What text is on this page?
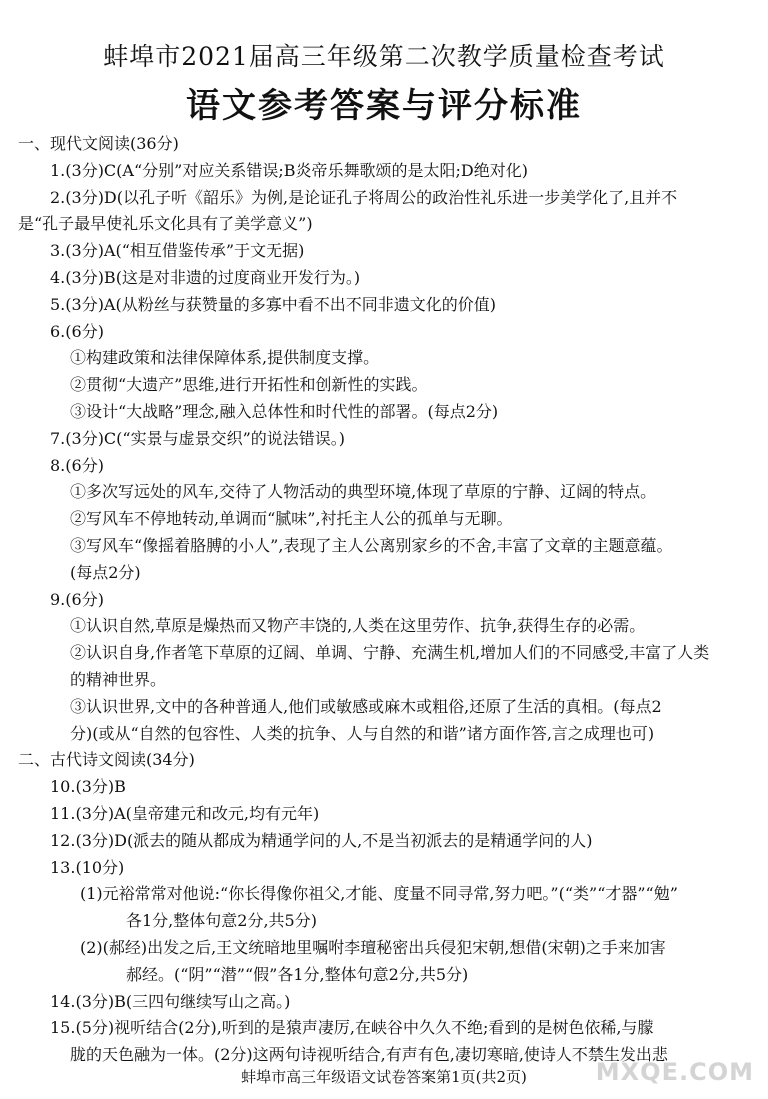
蚌埠市2021届高三年级第二次教学质量检查考试
语文参考答案与评分标准
一、现代文阅读(36分)
1.(3分)C(A“分别”对应关系错误;B炎帝乐舞歌颂的是太阳;D绝对化)
2.(3分)D(以孔子听《韶乐》为例,是论证孔子将周公的政治性礼乐进一步美学化了,且并不
是“孔子最早使礼乐文化具有了美学意义”)
3.(3分)A(“相互借鉴传承”于文无据)
4.(3分)B(这是对非遗的过度商业开发行为。)
5.(3分)A(从粉丝与获赞量的多寡中看不出不同非遗文化的价值)
6.(6分)
①构建政策和法律保障体系,提供制度支撑。
②贯彻“大遗产”思维,进行开拓性和创新性的实践。
③设计“大战略”理念,融入总体性和时代性的部署。(每点2分)
7.(3分)C(“实景与虚景交织”的说法错误。)
8.(6分)
①多次写远处的风车,交待了人物活动的典型环境,体现了草原的宁静、辽阔的特点。
②写风车不停地转动,单调而“腻味”,衬托主人公的孤单与无聊。
③写风车“像摇着胳膊的小人”,表现了主人公离别家乡的不舍,丰富了文章的主题意蕴。
(每点2分)
9.(6分)
①认识自然,草原是燥热而又物产丰饶的,人类在这里劳作、抗争,获得生存的必需。
②认识自身,作者笔下草原的辽阔、单调、宁静、充满生机,增加人们的不同感受,丰富了人类
的精神世界。
③认识世界,文中的各种普通人,他们或敏感或麻木或粗俗,还原了生活的真相。(每点2
分)(或从“自然的包容性、人类的抗争、人与自然的和谐”诸方面作答,言之成理也可)
二、古代诗文阅读(34分)
10.(3分)B
11.(3分)A(皇帝建元和改元,均有元年)
12.(3分)D(派去的随从都成为精通学问的人,不是当初派去的是精通学问的人)
13.(10分)
(1)元裕常常对他说:“你长得像你祖父,才能、度量不同寻常,努力吧。”(“类”“才器”“勉”
各1分,整体句意2分,共5分)
(2)(郝经)出发之后,王文统暗地里嘱咐李璮秘密出兵侵犯宋朝,想借(宋朝)之手来加害
郝经。(“阴”“潜”“假”各1分,整体句意2分,共5分)
14.(3分)B(三四句继续写山之高。)
15.(5分)视听结合(2分),听到的是猿声凄厉,在峡谷中久久不绝;看到的是树色依稀,与朦
胧的天色融为一体。(2分)这两句诗视听结合,有声有色,凄切寒暗,使诗人不禁生发出悲
蚌埠市高三年级语文试卷答案第1页(共2页)	MXQE.COM
